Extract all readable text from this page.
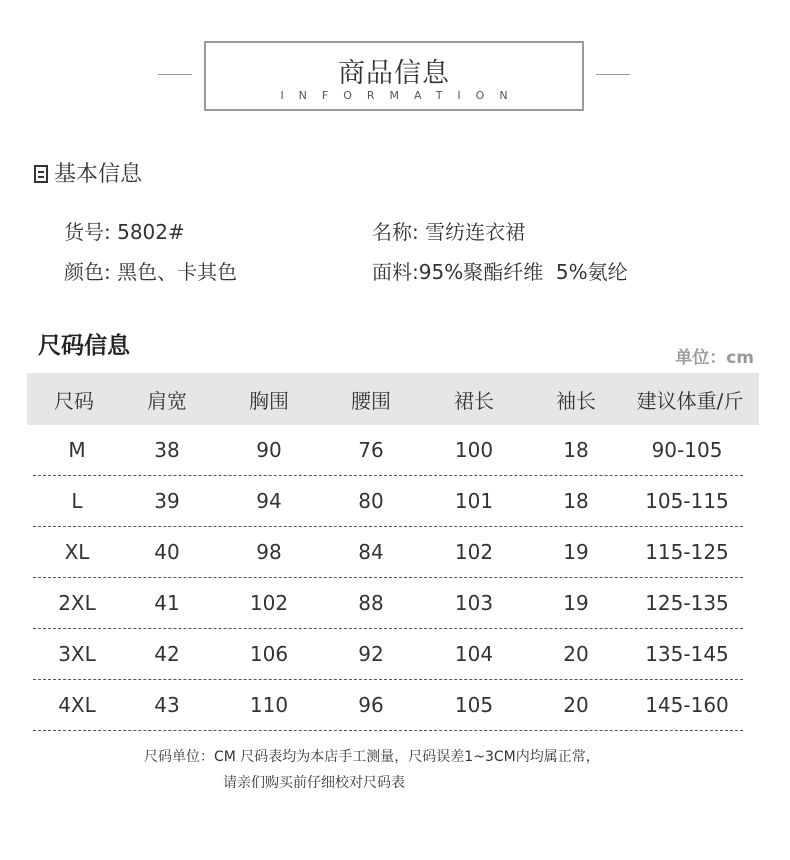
商品信息
INFORMATION
基本信息
货号: 5802#	名称: 雪纺连衣裙
颜色: 黑色、卡其色	面料:95%聚酯纤维  5%氨纶
尺码信息	单位：cm
尺码	肩宽	胸围	腰围	裙长	袖长	建议体重/斤
M	38	90	76	100	18	90-105
L	39	94	80	101	18	105-115
XL	40	98	84	102	19	115-125
2XL	41	102	88	103	19	125-135
3XL	42	106	92	104	20	135-145
4XL	43	110	96	105	20	145-160
尺码单位：CM 尺码表均为本店手工测量，尺码误差1~3CM内均属正常，
请亲们购买前仔细校对尺码表
